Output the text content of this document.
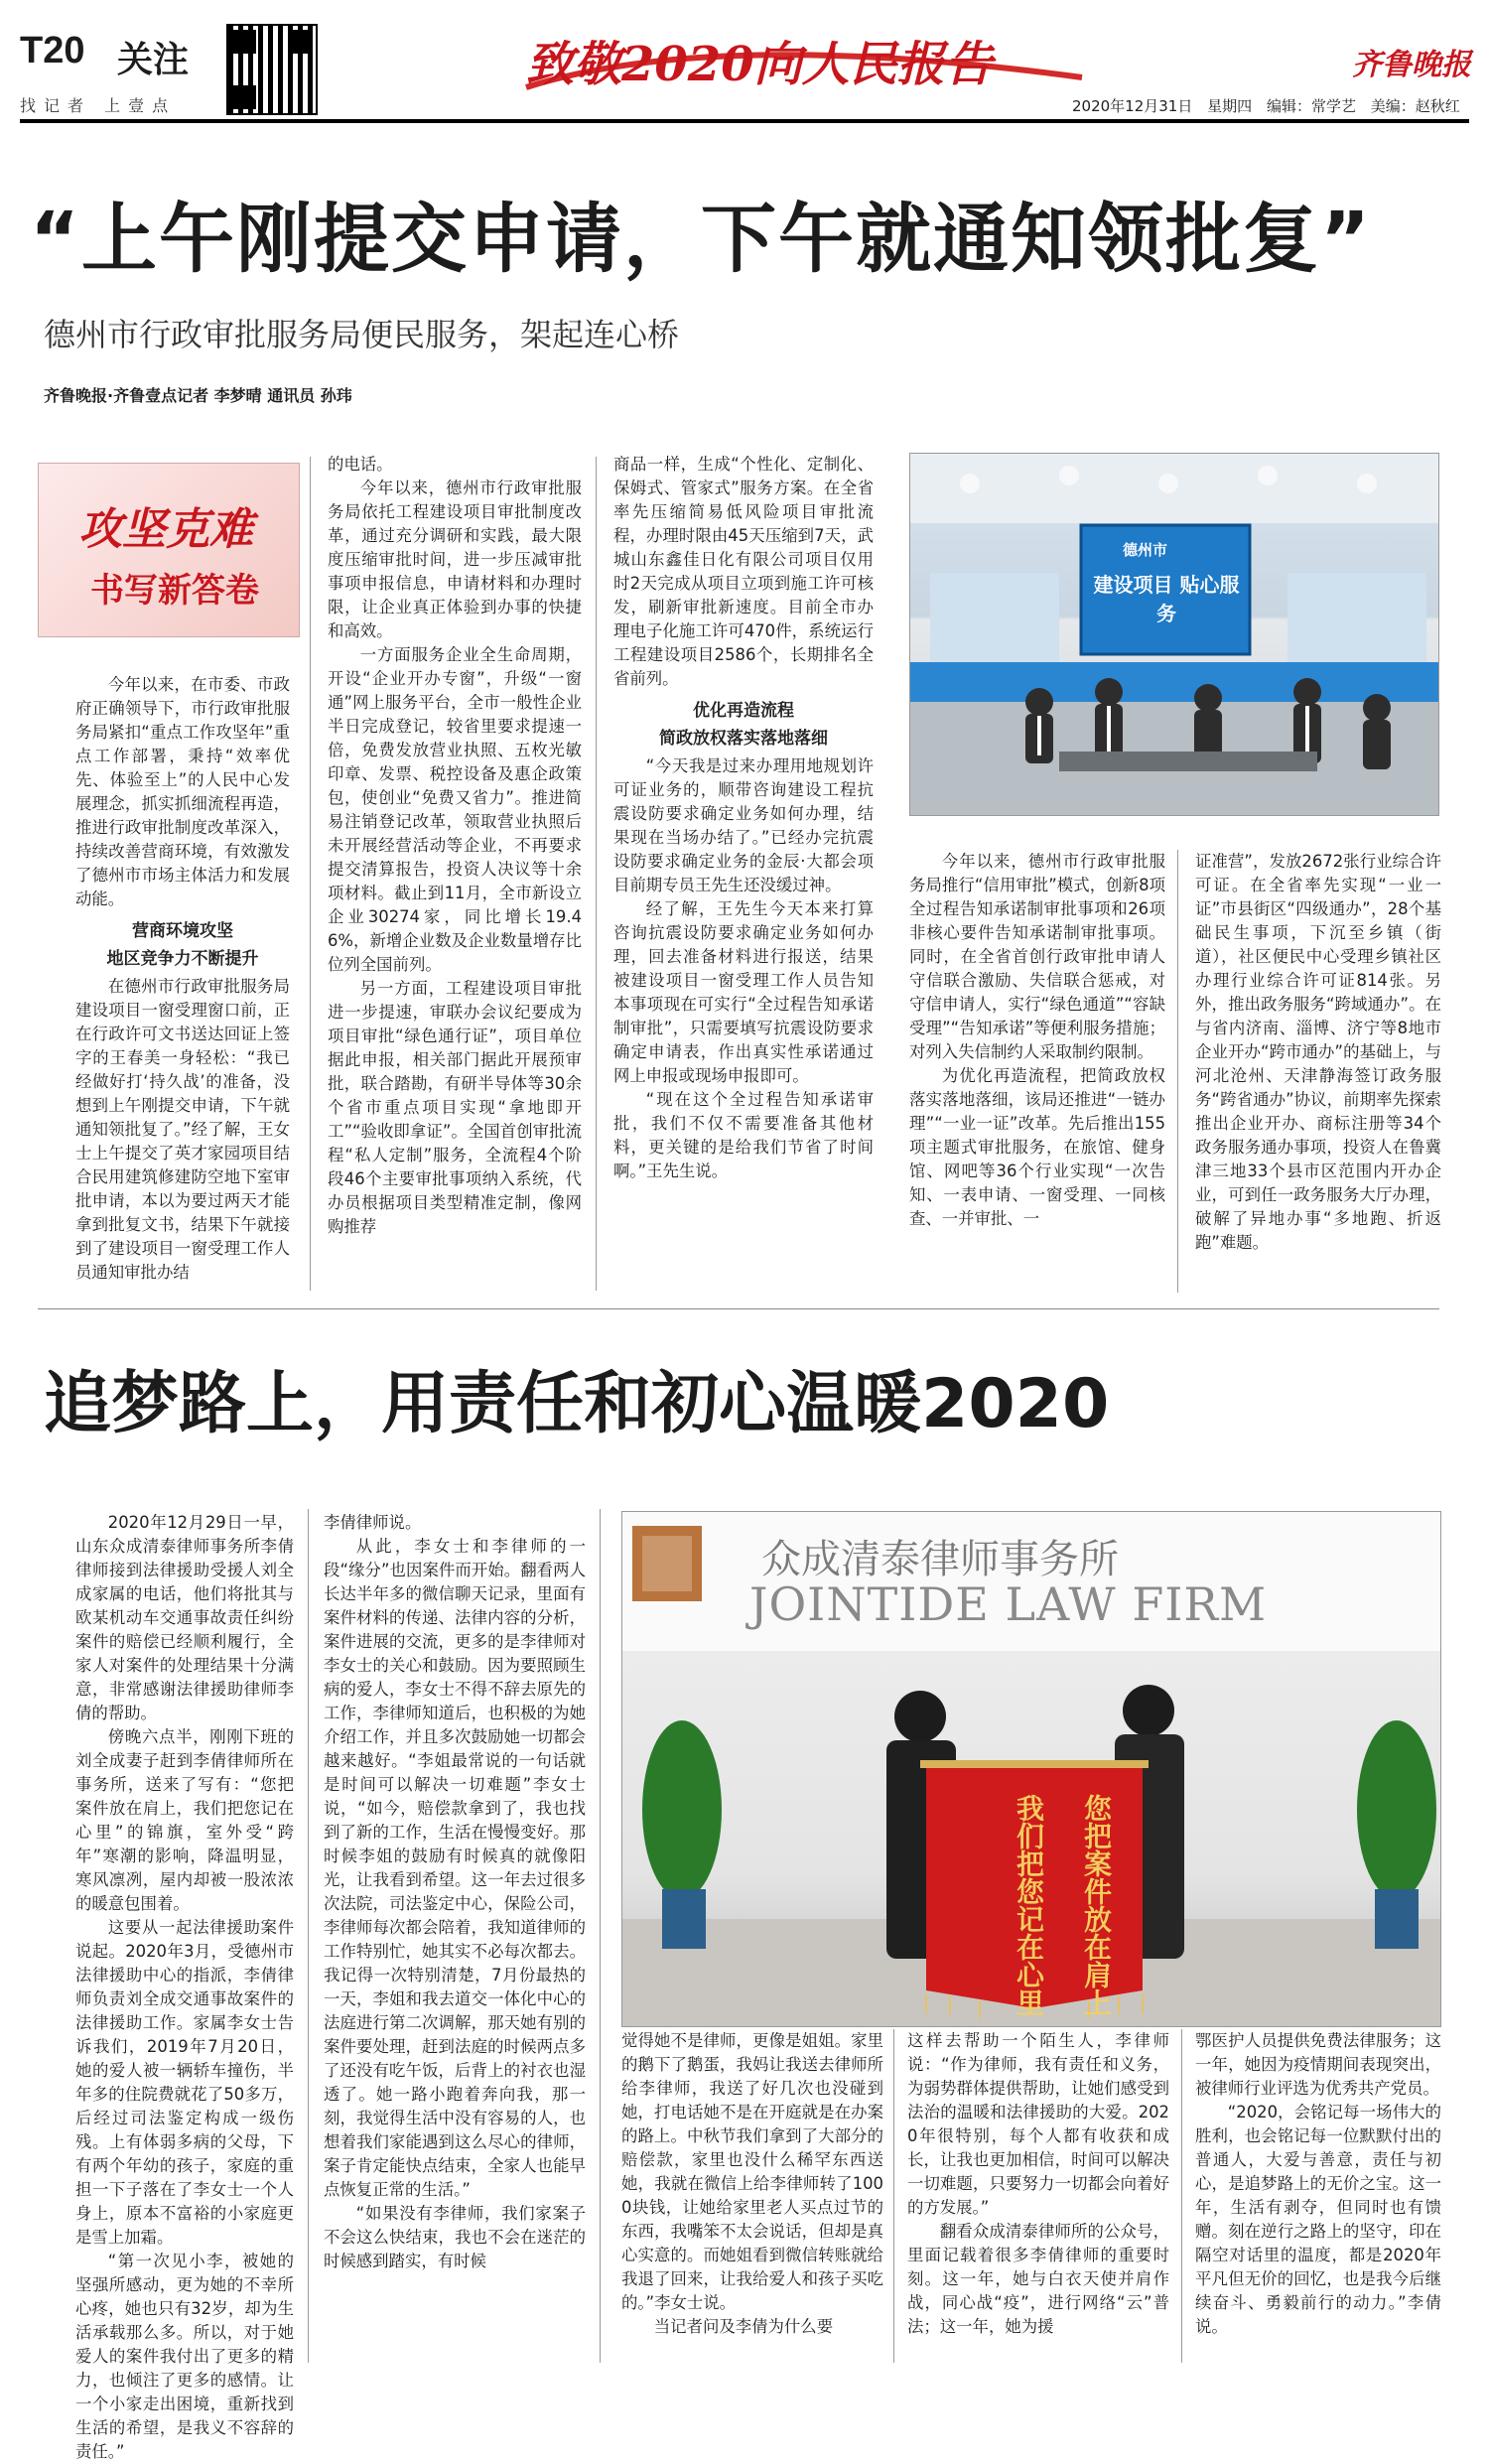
T20 关注
找记者 上壹点
致敬2020向人民报告	齐鲁晚报
2020年12月31日 星期四 编辑：常学艺 美编：赵秋红
“上午刚提交申请，下午就通知领批复”
德州市行政审批服务局便民服务，架起连心桥
齐鲁晚报·齐鲁壹点记者 李梦晴 通讯员 孙玮
攻坚克难
书写新答卷

今年以来，在市委、市政府正确领导下，市行政审批服务局紧扣“重点工作攻坚年”重点工作部署，秉持“效率优先、体验至上”的人民中心发展理念，抓实抓细流程再造，推进行政审批制度改革深入，持续改善营商环境，有效激发了德州市市场主体活力和发展动能。

营商环境攻坚
地区竞争力不断提升

在德州市行政审批服务局建设项目一窗受理窗口前，正在行政许可文书送达回证上签字的王春美一身轻松：“我已经做好打‘持久战’的准备，没想到上午刚提交申请，下午就通知领批复了。”经了解，王女士上午提交了英才家园项目结合民用建筑修建防空地下室审批申请，本以为要过两天才能拿到批复文书，结果下午就接到了建设项目一窗受理工作人员通知审批办结

的电话。

今年以来，德州市行政审批服务局依托工程建设项目审批制度改革，通过充分调研和实践，最大限度压缩审批时间，进一步压减审批事项申报信息，申请材料和办理时限，让企业真正体验到办事的快捷和高效。

一方面服务企业全生命周期，开设“企业开办专窗”，升级“一窗通”网上服务平台，全市一般性企业半日完成登记，较省里要求提速一倍，免费发放营业执照、五枚光敏印章、发票、税控设备及惠企政策包，使创业“免费又省力”。推进简易注销登记改革，领取营业执照后未开展经营活动等企业，不再要求提交清算报告，投资人决议等十余项材料。截止到11月，全市新设立企业30274家，同比增长19.46%，新增企业数及企业数量增存比位列全国前列。

另一方面，工程建设项目审批进一步提速，审联办会议纪要成为项目审批“绿色通行证”，项目单位据此申报，相关部门据此开展预审批，联合踏勘，有研半导体等30余个省市重点项目实现“拿地即开工”“验收即拿证”。全国首创审批流程“私人定制”服务，全流程4个阶段46个主要审批事项纳入系统，代办员根据项目类型精准定制，像网购推荐

商品一样，生成“个性化、定制化、保姆式、管家式”服务方案。在全省率先压缩简易低风险项目审批流程，办理时限由45天压缩到7天，武城山东鑫佳日化有限公司项目仅用时2天完成从项目立项到施工许可核发，刷新审批新速度。目前全市办理电子化施工许可470件，系统运行工程建设项目2586个，长期排名全省前列。

优化再造流程
简政放权落实落地落细

“今天我是过来办理用地规划许可证业务的，顺带咨询建设工程抗震设防要求确定业务如何办理，结果现在当场办结了。”已经办完抗震设防要求确定业务的金辰·大都会项目前期专员王先生还没缓过神。

经了解，王先生今天本来打算咨询抗震设防要求确定业务如何办理，回去准备材料进行报送，结果被建设项目一窗受理工作人员告知本事项现在可实行“全过程告知承诺制审批”，只需要填写抗震设防要求确定申请表，作出真实性承诺通过网上申报或现场申报即可。

“现在这个全过程告知承诺审批，我们不仅不需要准备其他材料，更关键的是给我们节省了时间啊。”王先生说。

德州市
建设项目 贴心服务

今年以来，德州市行政审批服务局推行“信用审批”模式，创新8项全过程告知承诺制审批事项和26项非核心要件告知承诺制审批事项。同时，在全省首创行政审批申请人守信联合激励、失信联合惩戒，对守信申请人，实行“绿色通道”“容缺受理”“告知承诺”等便利服务措施；对列入失信制约人采取制约限制。

为优化再造流程，把简政放权落实落地落细，该局还推进“一链办理”“一业一证”改革。先后推出155项主题式审批服务，在旅馆、健身馆、网吧等36个行业实现“一次告知、一表申请、一窗受理、一同核查、一并审批、一

证准营”，发放2672张行业综合许可证。在全省率先实现“一业一证”市县街区“四级通办”，28个基础民生事项，下沉至乡镇（街道），社区便民中心受理乡镇社区办理行业综合许可证814张。另外，推出政务服务“跨域通办”。在与省内济南、淄博、济宁等8地市企业开办“跨市通办”的基础上，与河北沧州、天津静海签订政务服务“跨省通办”协议，前期率先探索推出企业开办、商标注册等34个政务服务通办事项，投资人在鲁冀津三地33个县市区范围内开办企业，可到任一政务服务大厅办理，破解了异地办事“多地跑、折返跑”难题。

追梦路上，用责任和初心温暖2020

2020年12月29日一早，山东众成清泰律师事务所李倩律师接到法律援助受援人刘全成家属的电话，他们将批其与欧某机动车交通事故责任纠纷案件的赔偿已经顺利履行，全家人对案件的处理结果十分满意，非常感谢法律援助律师李倩的帮助。

傍晚六点半，刚刚下班的刘全成妻子赶到李倩律师所在事务所，送来了写有：“您把案件放在肩上，我们把您记在心里”的锦旗，室外受“跨年”寒潮的影响，降温明显，寒风凛冽，屋内却被一股浓浓的暖意包围着。

这要从一起法律援助案件说起。2020年3月，受德州市法律援助中心的指派，李倩律师负责刘全成交通事故案件的法律援助工作。家属李女士告诉我们，2019年7月20日，她的爱人被一辆轿车撞伤，半年多的住院费就花了50多万，后经过司法鉴定构成一级伤残。上有体弱多病的父母，下有两个年幼的孩子，家庭的重担一下子落在了李女士一个人身上，原本不富裕的小家庭更是雪上加霜。

“第一次见小李，被她的坚强所感动，更为她的不幸所心疼，她也只有32岁，却为生活承载那么多。所以，对于她爱人的案件我付出了更多的精力，也倾注了更多的感情。让一个小家走出困境，重新找到生活的希望，是我义不容辞的责任。”

李倩律师说。

从此，李女士和李律师的一段“缘分”也因案件而开始。翻看两人长达半年多的微信聊天记录，里面有案件材料的传递、法律内容的分析，案件进展的交流，更多的是李律师对李女士的关心和鼓励。因为要照顾生病的爱人，李女士不得不辞去原先的工作，李律师知道后，也积极的为她介绍工作，并且多次鼓励她一切都会越来越好。“李姐最常说的一句话就是时间可以解决一切难题”李女士说，“如今，赔偿款拿到了，我也找到了新的工作，生活在慢慢变好。那时候李姐的鼓励有时候真的就像阳光，让我看到希望。这一年去过很多次法院，司法鉴定中心，保险公司，李律师每次都会陪着，我知道律师的工作特别忙，她其实不必每次都去。我记得一次特别清楚，7月份最热的一天，李姐和我去道交一体化中心的法庭进行第二次调解，那天她有别的案件要处理，赶到法庭的时候两点多了还没有吃午饭，后背上的衬衣也湿透了。她一路小跑着奔向我，那一刻，我觉得生活中没有容易的人，也想着我们家能遇到这么尽心的律师，案子肯定能快点结束，全家人也能早点恢复正常的生活。”

“如果没有李律师，我们家案子不会这么快结束，我也不会在迷茫的时候感到踏实，有时候

众成清泰律师事务所
JOINTIDE LAW FIRM
您把案件放在肩上
我们把您记在心里

觉得她不是律师，更像是姐姐。家里的鹅下了鹅蛋，我妈让我送去律师所给李律师，我送了好几次也没碰到她，打电话她不是在开庭就是在办案的路上。中秋节我们拿到了大部分的赔偿款，家里也没什么稀罕东西送她，我就在微信上给李律师转了1000块钱，让她给家里老人买点过节的东西，我嘴笨不太会说话，但却是真心实意的。而她姐看到微信转账就给我退了回来，让我给爱人和孩子买吃的。”李女士说。

当记者问及李倩为什么要

这样去帮助一个陌生人，李律师说：“作为律师，我有责任和义务，为弱势群体提供帮助，让她们感受到法治的温暖和法律援助的大爱。2020年很特别，每个人都有收获和成长，让我也更加相信，时间可以解决一切难题，只要努力一切都会向着好的方发展。”

翻看众成清泰律师所的公众号，里面记载着很多李倩律师的重要时刻。这一年，她与白衣天使并肩作战，同心战“疫”，进行网络“云”普法；这一年，她为援

鄂医护人员提供免费法律服务；这一年，她因为疫情期间表现突出，被律师行业评选为优秀共产党员。

“2020，会铭记每一场伟大的胜利，也会铭记每一位默默付出的普通人，大爱与善意，责任与初心，是追梦路上的无价之宝。这一年，生活有剥夺，但同时也有馈赠。刻在逆行之路上的坚守，印在隔空对话里的温度，都是2020年平凡但无价的回忆，也是我今后继续奋斗、勇毅前行的动力。”李倩说。
